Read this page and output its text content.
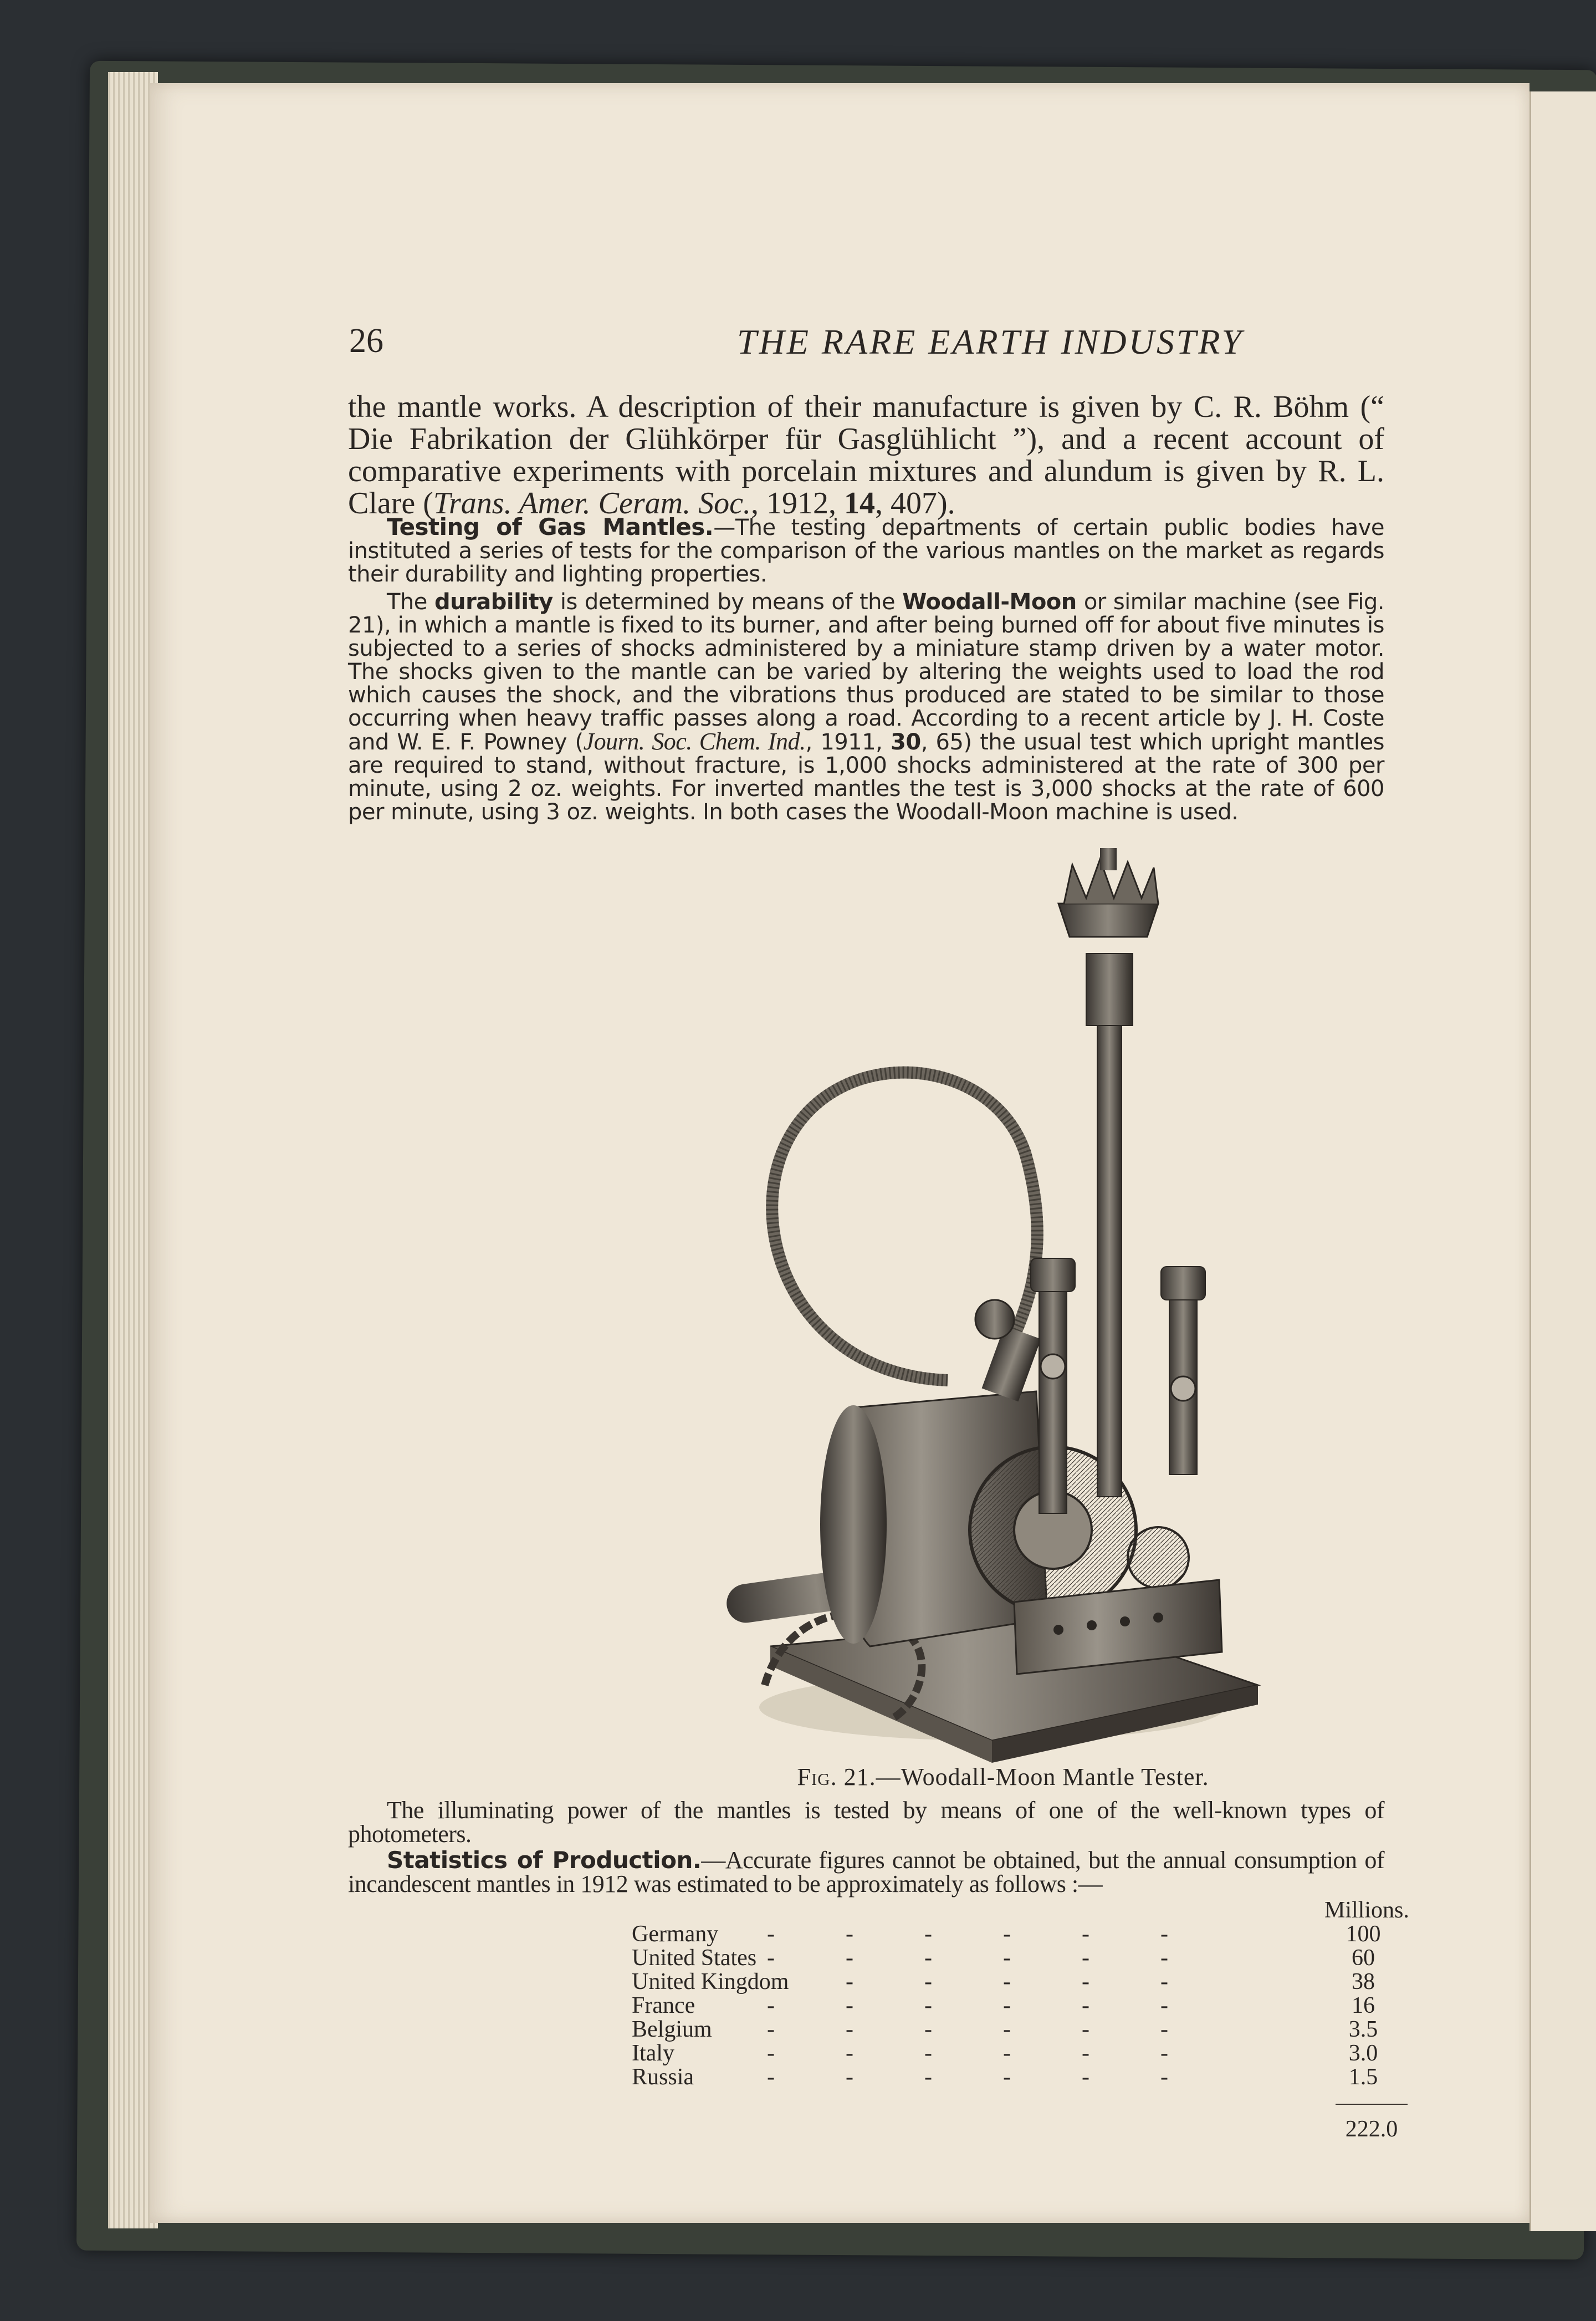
26	THE RARE EARTH INDUSTRY
the mantle works. A description of their manufacture is given by C. R. Böhm (“ Die Fabrikation der Glühkörper für Gasglühlicht ”), and a recent account of comparative experiments with porcelain mixtures and alundum is given by R. L. Clare (Trans. Amer. Ceram. Soc., 1912, 14, 407).
Testing of Gas Mantles.—The testing departments of certain public bodies have instituted a series of tests for the comparison of the various mantles on the market as regards their durability and lighting properties.
The durability is determined by means of the Woodall-Moon or similar machine (see Fig. 21), in which a mantle is fixed to its burner, and after being burned off for about five minutes is subjected to a series of shocks administered by a miniature stamp driven by a water motor. The shocks given to the mantle can be varied by altering the weights used to load the rod which causes the shock, and the vibrations thus produced are stated to be similar to those occurring when heavy traffic passes along a road. According to a recent article by J. H. Coste and W. E. F. Powney (Journ. Soc. Chem. Ind., 1911, 30, 65) the usual test which upright mantles are required to stand, without fracture, is 1,000 shocks administered at the rate of 300 per minute, using 2 oz. weights. For inverted mantles the test is 3,000 shocks at the rate of 600 per minute, using 3 oz. weights. In both cases the Woodall-Moon machine is used.
Fig. 21.—Woodall-Moon Mantle Tester.
The illuminating power of the mantles is tested by means of one of the well-known types of photometers.
Statistics of Production.—Accurate figures cannot be obtained, but the annual consumption of incandescent mantles in 1912 was estimated to be approximately as follows :—
Millions.
Germany	-	-	-	-	-	-	100
United States -	-	-	-	-	-	60
United Kingdom	-	-	-	-	-	38
France	-	-	-	-	-	-	16
Belgium	-	-	-	-	-	-	3.5
Italy	-	-	-	-	-	-	3.0
Russia	-	-	-	-	-	-	1.5
222.0
